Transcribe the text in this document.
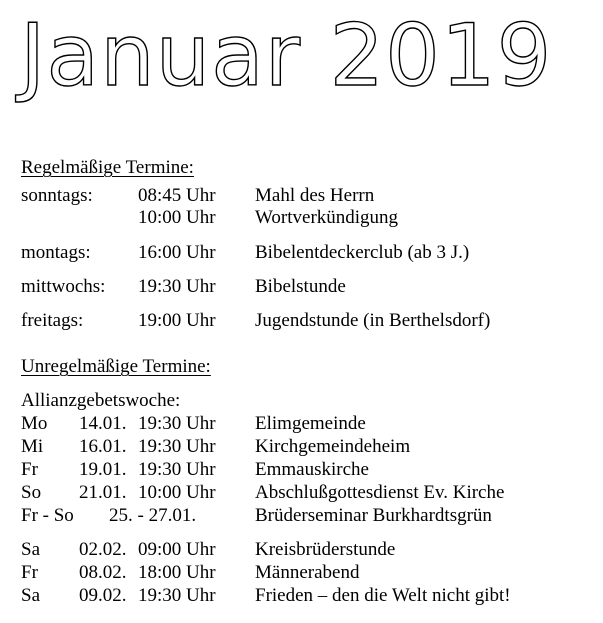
Januar 2019
Regelmäßige Termine:
sonntags: 08:45 Uhr Mahl des Herrn
10:00 Uhr Wortverkündigung
montags: 16:00 Uhr Bibelentdeckerclub (ab 3 J.)
mittwochs: 19:30 Uhr Bibelstunde
freitags:	19:00 Uhr Jugendstunde (in Berthelsdorf)
Unregelmäßige Termine:
Allianzgebetswoche:
Mo 14.01. 19:30 Uhr Elimgemeinde
Mi 16.01. 19:30 Uhr Kirchgemeindeheim
Fr 19.01. 19:30 Uhr Emmauskirche
So 21.01. 10:00 Uhr Abschlußgottesdienst Ev. Kirche
Fr - So 25. - 27.01.	Brüderseminar Burkhardtsgrün
Sa 02.02. 09:00 Uhr Kreisbrüderstunde
Fr 08.02. 18:00 Uhr Männerabend
Sa 09.02. 19:30 Uhr Frieden – den die Welt nicht gibt!
